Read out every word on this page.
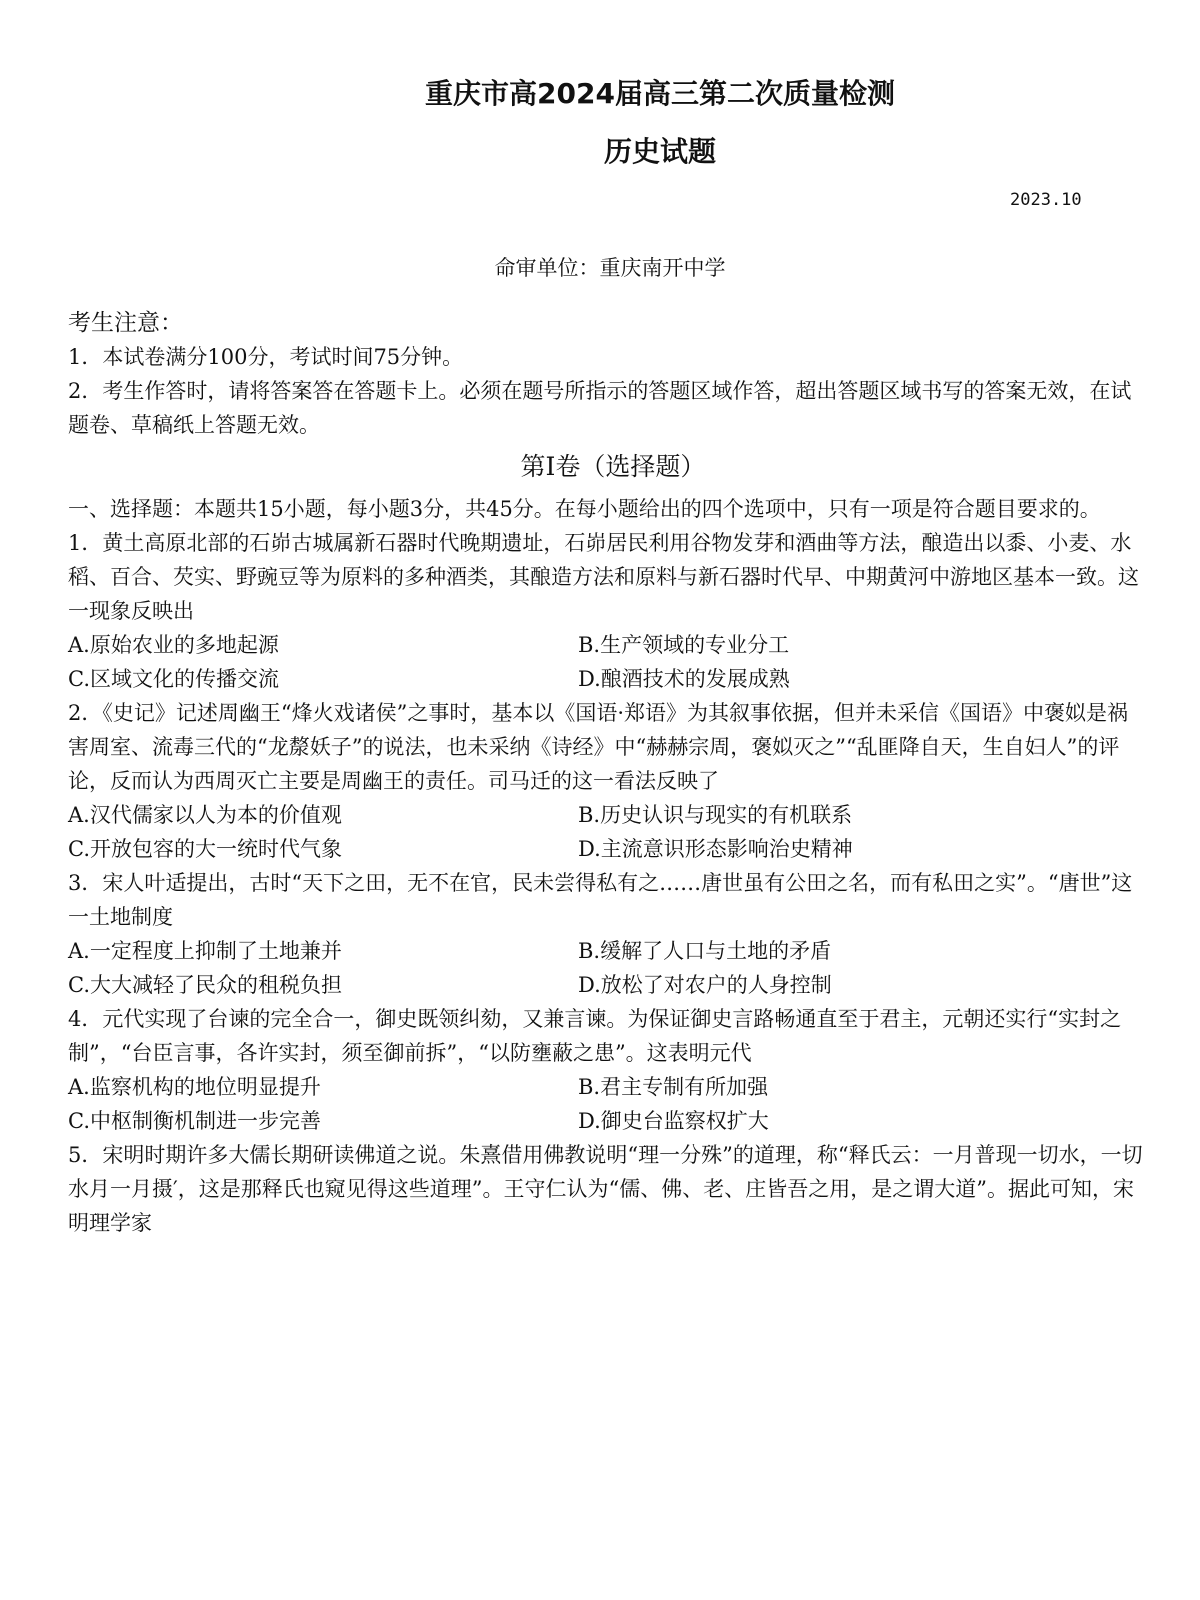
重庆市高2024届高三第二次质量检测
历史试题
2023.10
命审单位：重庆南开中学
考生注意：
1．本试卷满分100分，考试时间75分钟。
2．考生作答时，请将答案答在答题卡上。必须在题号所指示的答题区域作答，超出答题区域书写的答案无效，在试题卷、草稿纸上答题无效。
第Ⅰ卷（选择题）
一、选择题：本题共15小题，每小题3分，共45分。在每小题给出的四个选项中，只有一项是符合题目要求的。
1．黄土高原北部的石峁古城属新石器时代晚期遗址，石峁居民利用谷物发芽和酒曲等方法，酿造出以黍、小麦、水稻、百合、芡实、野豌豆等为原料的多种酒类，其酿造方法和原料与新石器时代早、中期黄河中游地区基本一致。这一现象反映出
A.原始农业的多地起源	B.生产领域的专业分工
C.区域文化的传播交流	D.酿酒技术的发展成熟
2．《史记》记述周幽王“烽火戏诸侯”之事时，基本以《国语·郑语》为其叙事依据，但并未采信《国语》中褒姒是祸害周室、流毒三代的“龙漦妖子”的说法，也未采纳《诗经》中“赫赫宗周，褒姒灭之”“乱匪降自天，生自妇人”的评论，反而认为西周灭亡主要是周幽王的责任。司马迁的这一看法反映了
A.汉代儒家以人为本的价值观	B.历史认识与现实的有机联系
C.开放包容的大一统时代气象	D.主流意识形态影响治史精神
3．宋人叶适提出，古时“天下之田，无不在官，民未尝得私有之……唐世虽有公田之名，而有私田之实”。“唐世”这一土地制度
A.一定程度上抑制了土地兼并	B.缓解了人口与土地的矛盾
C.大大减轻了民众的租税负担	D.放松了对农户的人身控制
4．元代实现了台谏的完全合一，御史既领纠劾，又兼言谏。为保证御史言路畅通直至于君主，元朝还实行“实封之制”，“台臣言事，各许实封，须至御前拆”，“以防壅蔽之患”。这表明元代
A.监察机构的地位明显提升	B.君主专制有所加强
C.中枢制衡机制进一步完善	D.御史台监察权扩大
5．宋明时期许多大儒长期研读佛道之说。朱熹借用佛教说明“理一分殊”的道理，称“释氏云：一月普现一切水，一切水月一月摄′，这是那释氏也窥见得这些道理”。王守仁认为“儒、佛、老、庄皆吾之用，是之谓大道”。据此可知，宋明理学家
